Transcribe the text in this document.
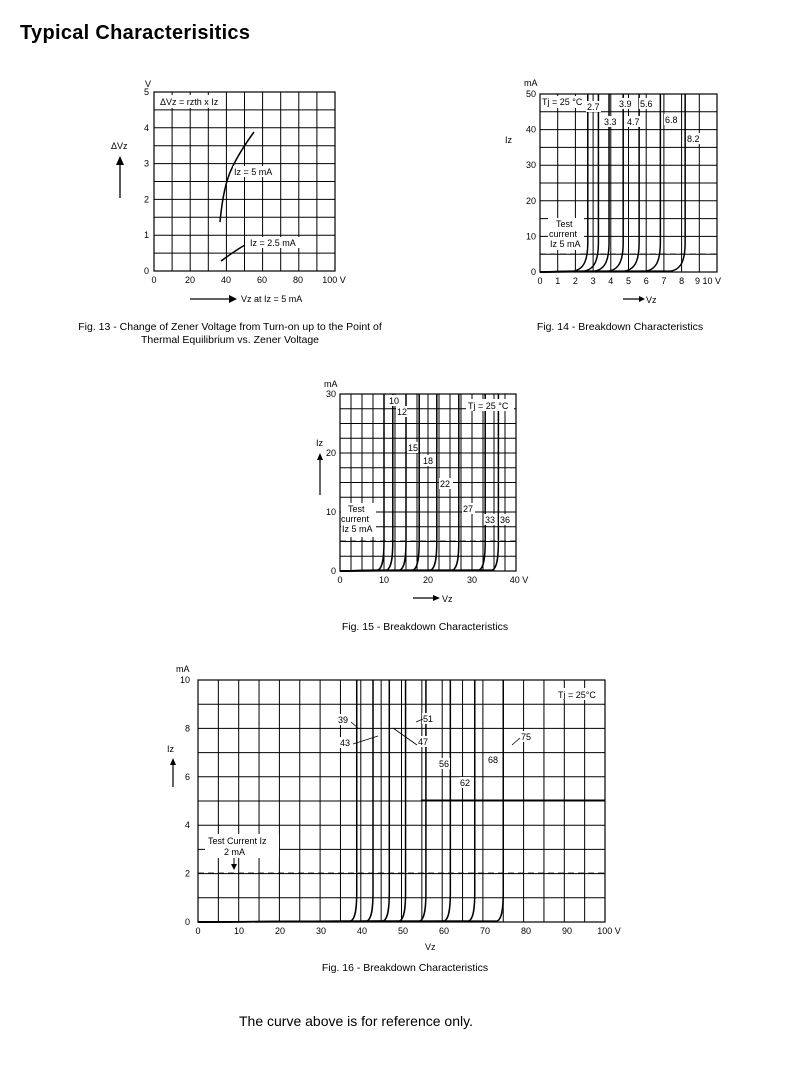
Typical Characterisitics
ΔVz = rzth x Iz
Iz = 5 mA
Iz = 2.5 mA
V
0
1
2
3
4
5
0	20	40	60	80 100 V
ΔVz
Vz at Iz = 5 mA

Fig. 13 - Change of Zener Voltage from Turn-on up to the Point of
Thermal Equilibrium vs. Zener Voltage

Tj = 25 °C
Test
current
Iz 5 mA
2.7
3.3
3.9
4.7
5.6
6.8
8.2
mA
0
10
20
30
40
50
0 1 2 3 4 5 6 7 8 9 10 V
Iz
Vz

Fig. 14 - Breakdown Characteristics

Tj = 25 °C
Test
current
Iz 5 mA
10
12
15
18
22
27
33 36
mA
0
10
20
30
0	10	20	30	40 V
Iz
Vz

Fig. 15 - Breakdown Characteristics

Tj = 25°C
Test Current Iz
2 mA
39
43	47
51
56
62
68
75
mA
0
2
4
6
8
10
0	10	20	30	40	50	60	70	80	90	100 V
Iz
Vz

Fig. 16 - Breakdown Characteristics

The curve above is for reference only.
